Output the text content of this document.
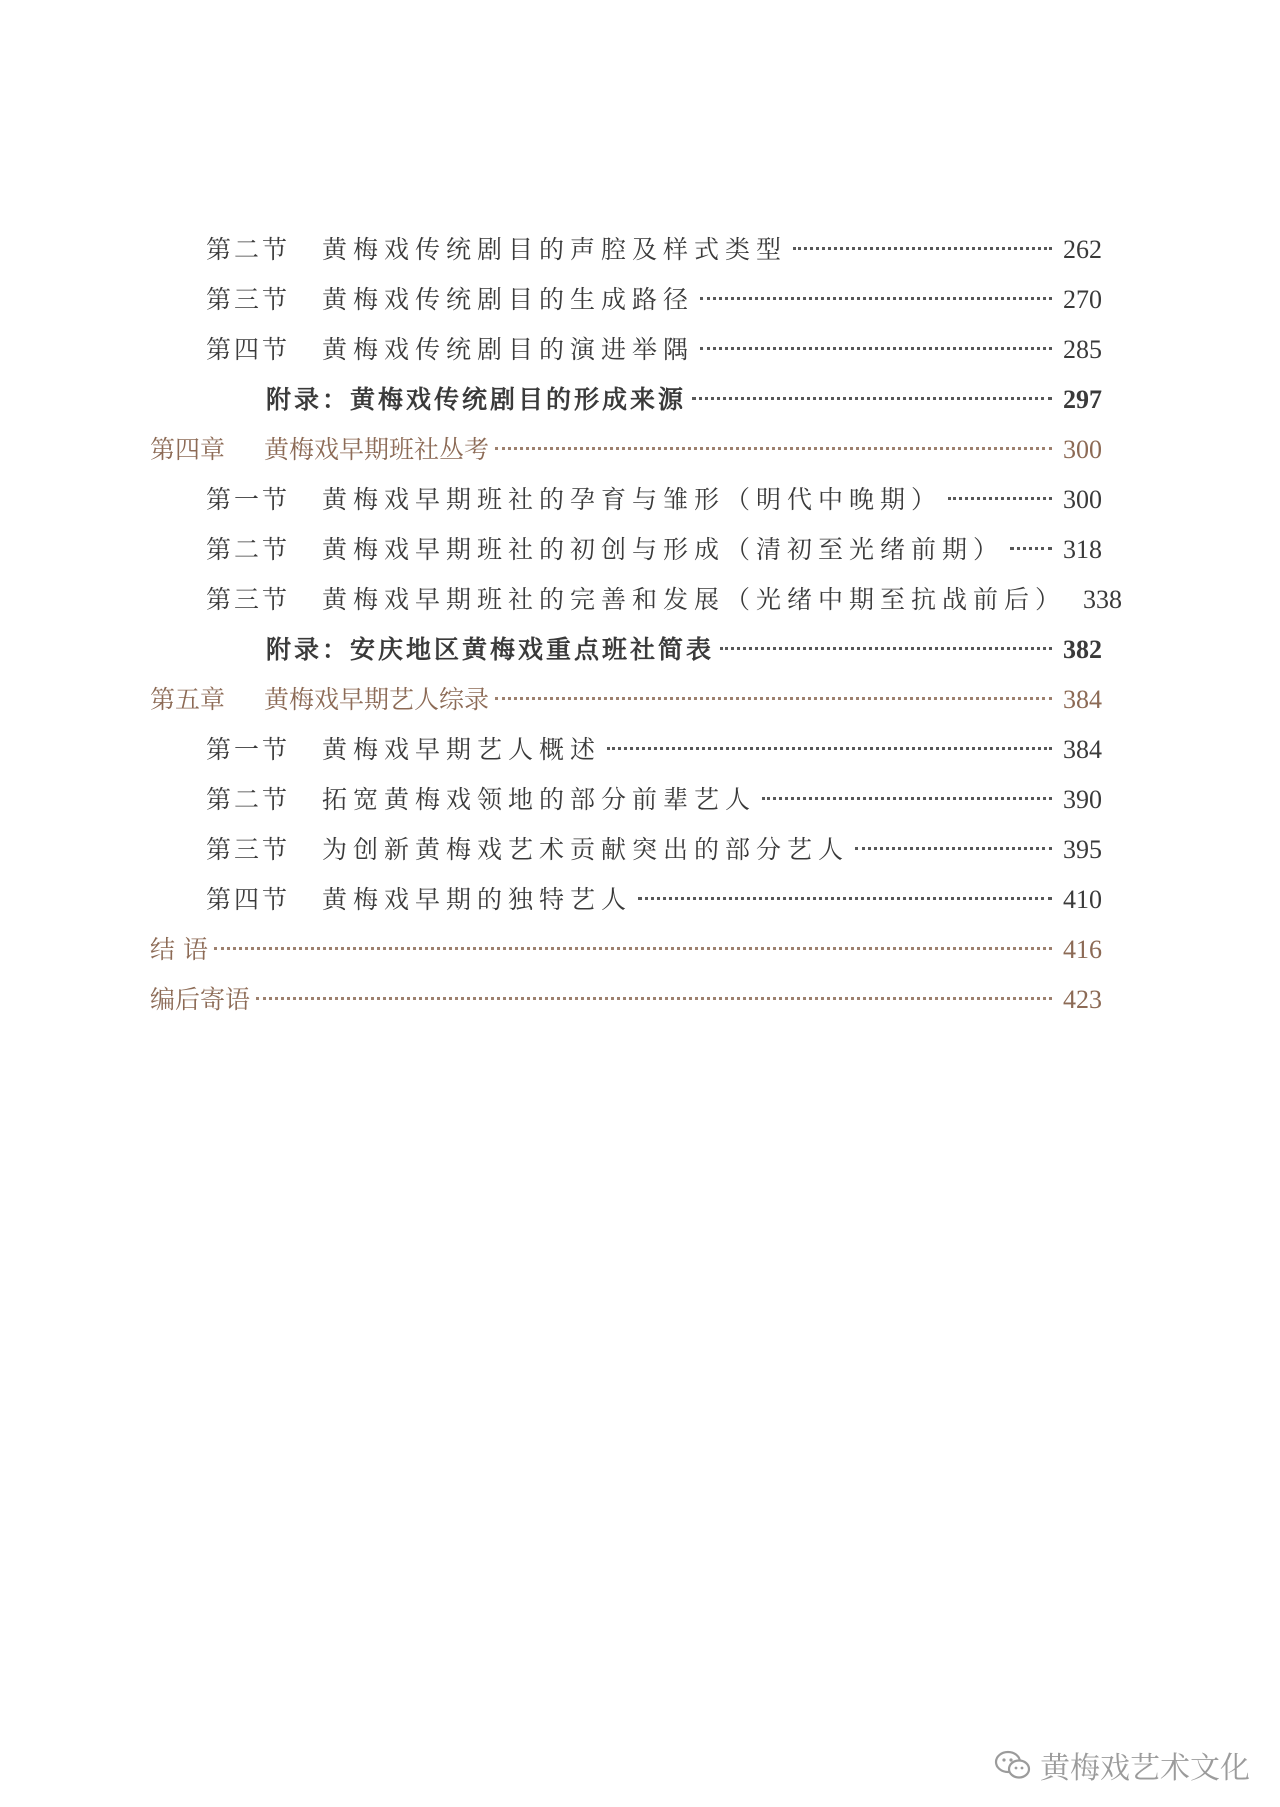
第二节	黄梅戏传统剧目的声腔及样式类型	262
第三节	黄梅戏传统剧目的生成路径	270
第四节	黄梅戏传统剧目的演进举隅	285
附录：黄梅戏传统剧目的形成来源	297
第四章	黄梅戏早期班社丛考	300
第一节	黄梅戏早期班社的孕育与雏形（明代中晚期）	300
第二节	黄梅戏早期班社的初创与形成（清初至光绪前期） 318
第三节	黄梅戏早期班社的完善和发展（光绪中期至抗战前后） 338
附录：安庆地区黄梅戏重点班社简表	382
第五章	黄梅戏早期艺人综录	384
第一节	黄梅戏早期艺人概述	384
第二节	拓宽黄梅戏领地的部分前辈艺人	390
第三节	为创新黄梅戏艺术贡献突出的部分艺人	395
第四节	黄梅戏早期的独特艺人	410
结 语	416
编后寄语	423
黄梅戏艺术文化
